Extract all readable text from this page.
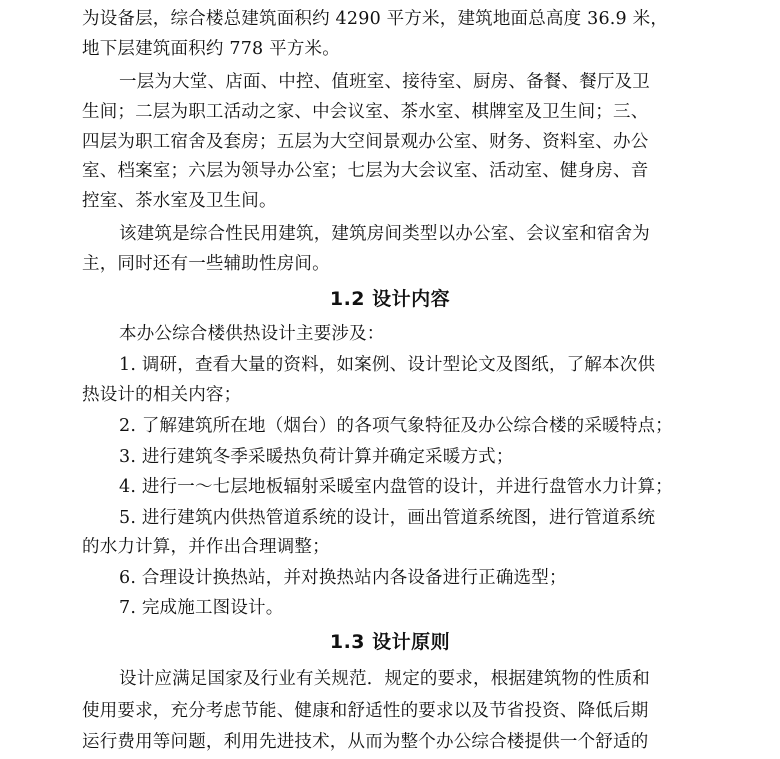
为设备层，综合楼总建筑面积约 4290 平方米，建筑地面总高度 36.9 米，
地下层建筑面积约 778 平方米。
一层为大堂、店面、中控、值班室、接待室、厨房、备餐、餐厅及卫
生间；二层为职工活动之家、中会议室、茶水室、棋牌室及卫生间；三、
四层为职工宿舍及套房；五层为大空间景观办公室、财务、资料室、办公
室、档案室；六层为领导办公室；七层为大会议室、活动室、健身房、音
控室、茶水室及卫生间。
该建筑是综合性民用建筑，建筑房间类型以办公室、会议室和宿舍为
主，同时还有一些辅助性房间。
1.2 设计内容
本办公综合楼供热设计主要涉及：
1. 调研，查看大量的资料，如案例、设计型论文及图纸，了解本次供
热设计的相关内容；
2. 了解建筑所在地（烟台）的各项气象特征及办公综合楼的采暖特点；
3. 进行建筑冬季采暖热负荷计算并确定采暖方式；
4. 进行一～七层地板辐射采暖室内盘管的设计，并进行盘管水力计算；
5. 进行建筑内供热管道系统的设计，画出管道系统图，进行管道系统
的水力计算，并作出合理调整；
6. 合理设计换热站，并对换热站内各设备进行正确选型；
7. 完成施工图设计。
1.3 设计原则
设计应满足国家及行业有关规范．规定的要求，根据建筑物的性质和
使用要求，充分考虑节能、健康和舒适性的要求以及节省投资、降低后期
运行费用等问题，利用先进技术，从而为整个办公综合楼提供一个舒适的
